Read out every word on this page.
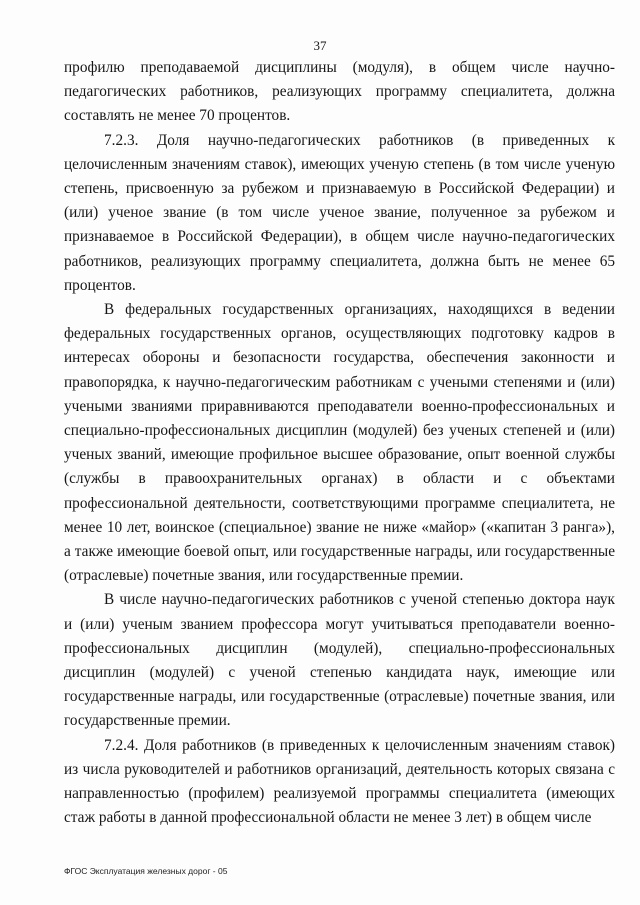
37

профилю преподаваемой дисциплины (модуля), в общем числе научно-педагогических работников, реализующих программу специалитета, должна составлять не менее 70 процентов.

7.2.3. Доля научно-педагогических работников (в приведенных к целочисленным значениям ставок), имеющих ученую степень (в том числе ученую степень, присвоенную за рубежом и признаваемую в Российской Федерации) и (или) ученое звание (в том числе ученое звание, полученное за рубежом и признаваемое в Российской Федерации), в общем числе научно-педагогических работников, реализующих программу специалитета, должна быть не менее 65 процентов.

В федеральных государственных организациях, находящихся в ведении федеральных государственных органов, осуществляющих подготовку кадров в интересах обороны и безопасности государства, обеспечения законности и правопорядка, к научно-педагогическим работникам с учеными степенями и (или) учеными званиями приравниваются преподаватели военно-профессиональных и специально-профессиональных дисциплин (модулей) без ученых степеней и (или) ученых званий, имеющие профильное высшее образование, опыт военной службы (службы в правоохранительных органах) в области и с объектами профессиональной деятельности, соответствующими программе специалитета, не менее 10 лет, воинское (специальное) звание не ниже «майор» («капитан 3 ранга»), а также имеющие боевой опыт, или государственные награды, или государственные (отраслевые) почетные звания, или государственные премии.

В числе научно-педагогических работников с ученой степенью доктора наук и (или) ученым званием профессора могут учитываться преподаватели военно-профессиональных дисциплин (модулей), специально-профессиональных дисциплин (модулей) с ученой степенью кандидата наук, имеющие или государственные награды, или государственные (отраслевые) почетные звания, или государственные премии.

7.2.4. Доля работников (в приведенных к целочисленным значениям ставок) из числа руководителей и работников организаций, деятельность которых связана с направленностью (профилем) реализуемой программы специалитета (имеющих стаж работы в данной профессиональной области не менее 3 лет) в общем числе

ФГОС Эксплуатация железных дорог - 05
